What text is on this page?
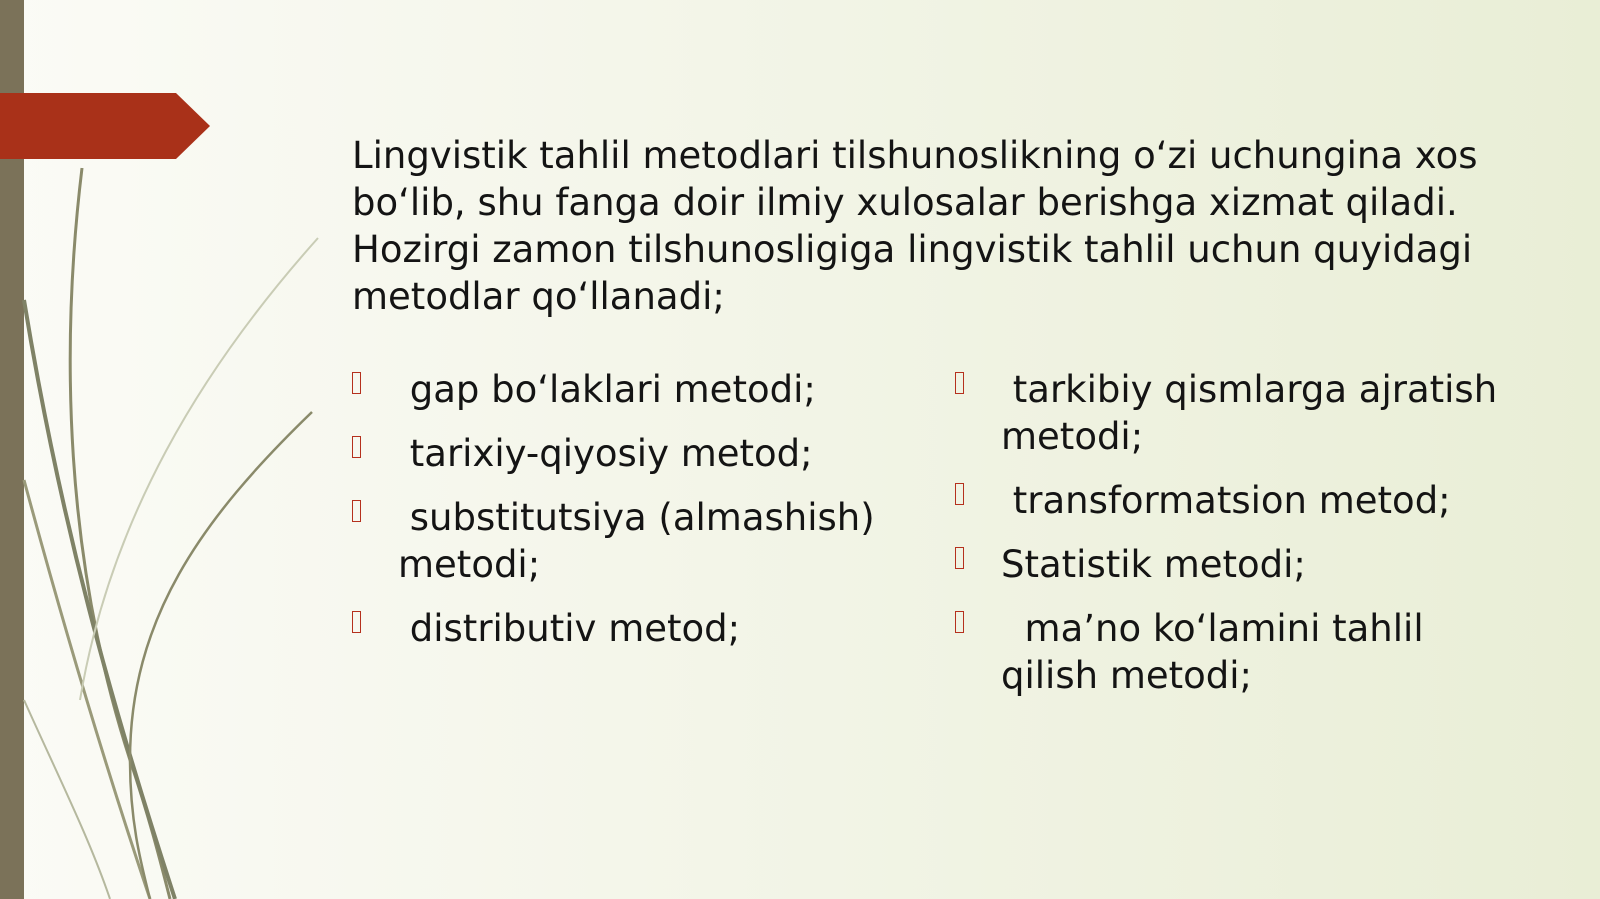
Lingvistik tahlil metodlari tilshunoslikning o‘zi uchungina xos bo‘lib, shu fanga doir ilmiy xulosalar berishga xizmat qiladi. Hozirgi zamon tilshunosligiga lingvistik tahlil uchun quyidagi metodlar qo‘llanadi;

gap bo‘laklari metodi;
tarixiy-qiyosiy metod;
substitutsiya (almashish) metodi;
distributiv metod;
tarkibiy qismlarga ajratish metodi;
transformatsion metod;
Statistik metodi;
ma’no ko‘lamini tahlil qilish metodi;
